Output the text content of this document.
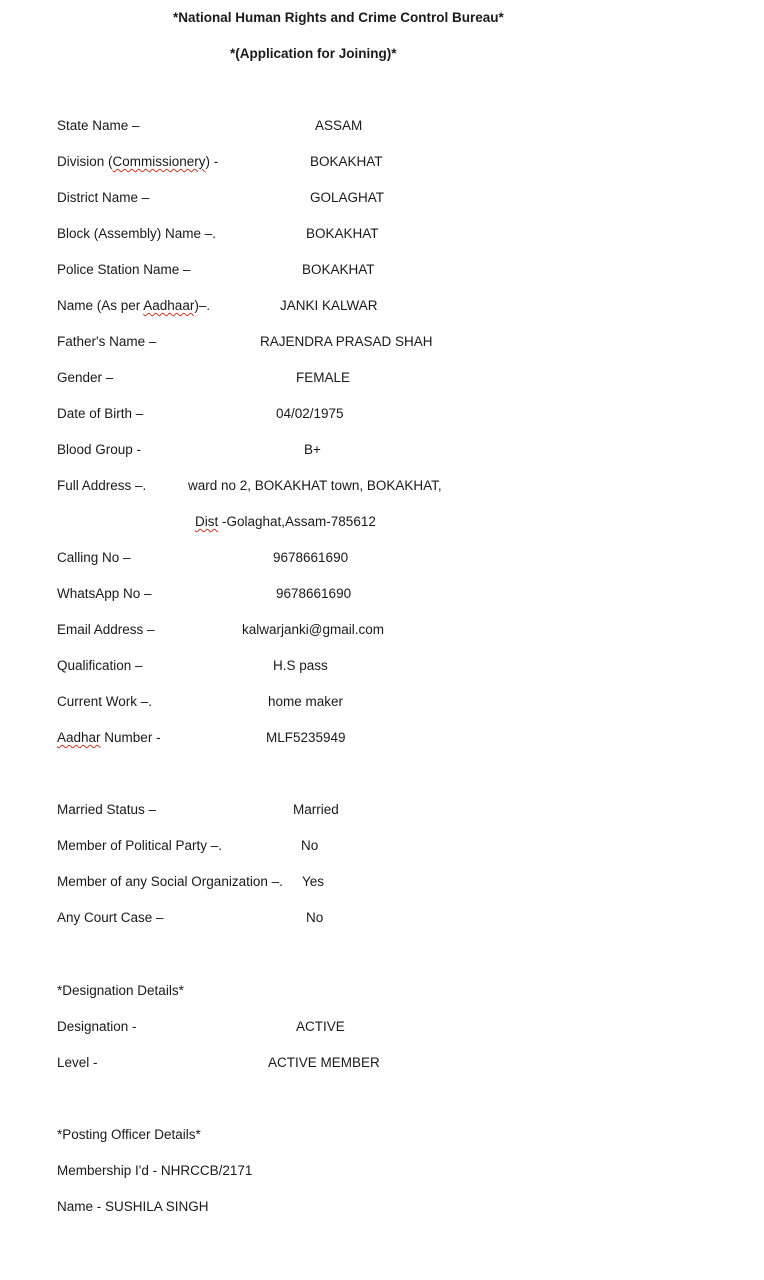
*National Human Rights and Crime Control Bureau*
*(Application for Joining)*
State Name –	ASSAM
Division (Commissionery) -	BOKAKHAT
District Name –	GOLAGHAT
Block (Assembly) Name –.	BOKAKHAT
Police Station Name –	BOKAKHAT
Name (As per Aadhaar)–.	JANKI KALWAR
Father's Name –	RAJENDRA PRASAD SHAH
Gender –	FEMALE
Date of Birth –	04/02/1975
Blood Group -	B+
Full Address –.	ward no 2, BOKAKHAT town, BOKAKHAT,
Dist -Golaghat,Assam-785612
Calling No –	9678661690
WhatsApp No –	9678661690
Email Address –	kalwarjanki@gmail.com
Qualification –	H.S pass
Current Work –.	home maker
Aadhar Number -	MLF5235949
Married Status –	Married
Member of Political Party –.	No
Member of any Social Organization –. Yes
Any Court Case –	No
*Designation Details*
Designation -	ACTIVE
Level -	ACTIVE MEMBER
*Posting Officer Details*
Membership I'd - NHRCCB/2171
Name - SUSHILA SINGH
